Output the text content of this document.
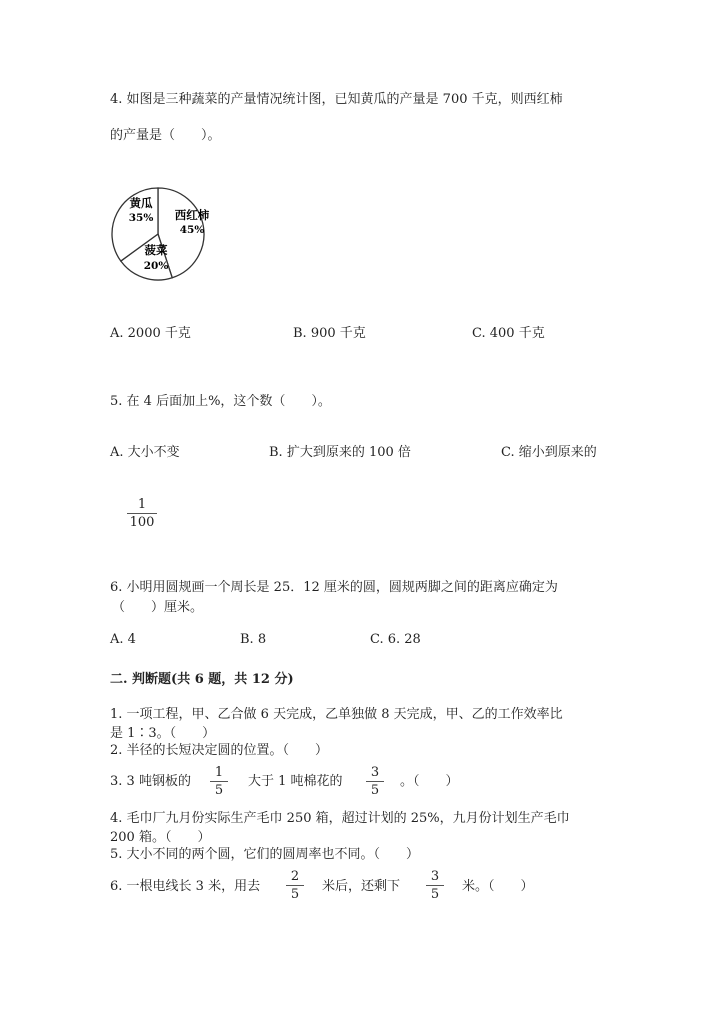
4. 如图是三种蔬菜的产量情况统计图，已知黄瓜的产量是 700 千克，则西红柿
的产量是（　　）。
黄瓜
35% 西红柿
45%
菠菜
20%
A. 2000 千克	B. 900 千克	C. 400 千克
5. 在 4 后面加上%，这个数（　　）。
A. 大小不变	B. 扩大到原来的 100 倍	C. 缩小到原来的
1
100
6. 小明用圆规画一个周长是 25．12 厘米的圆，圆规两脚之间的距离应确定为
（　　）厘米。
A. 4	B. 8	C. 6. 28
二. 判断题(共 6 题，共 12 分)
1. 一项工程，甲、乙合做 6 天完成，乙单独做 8 天完成，甲、乙的工作效率比
是 1∶3。（　　）
2. 半径的长短决定圆的位置。（　　）
3. 3 吨钢板的
1
5
大于 1 吨棉花的
3
5
。（　　）
4. 毛巾厂九月份实际生产毛巾 250 箱，超过计划的 25%，九月份计划生产毛巾
200 箱。（　　）
5. 大小不同的两个圆，它们的圆周率也不同。（　　）
6. 一根电线长 3 米，用去
2
5
米后，还剩下
3
5
米。（　　）
